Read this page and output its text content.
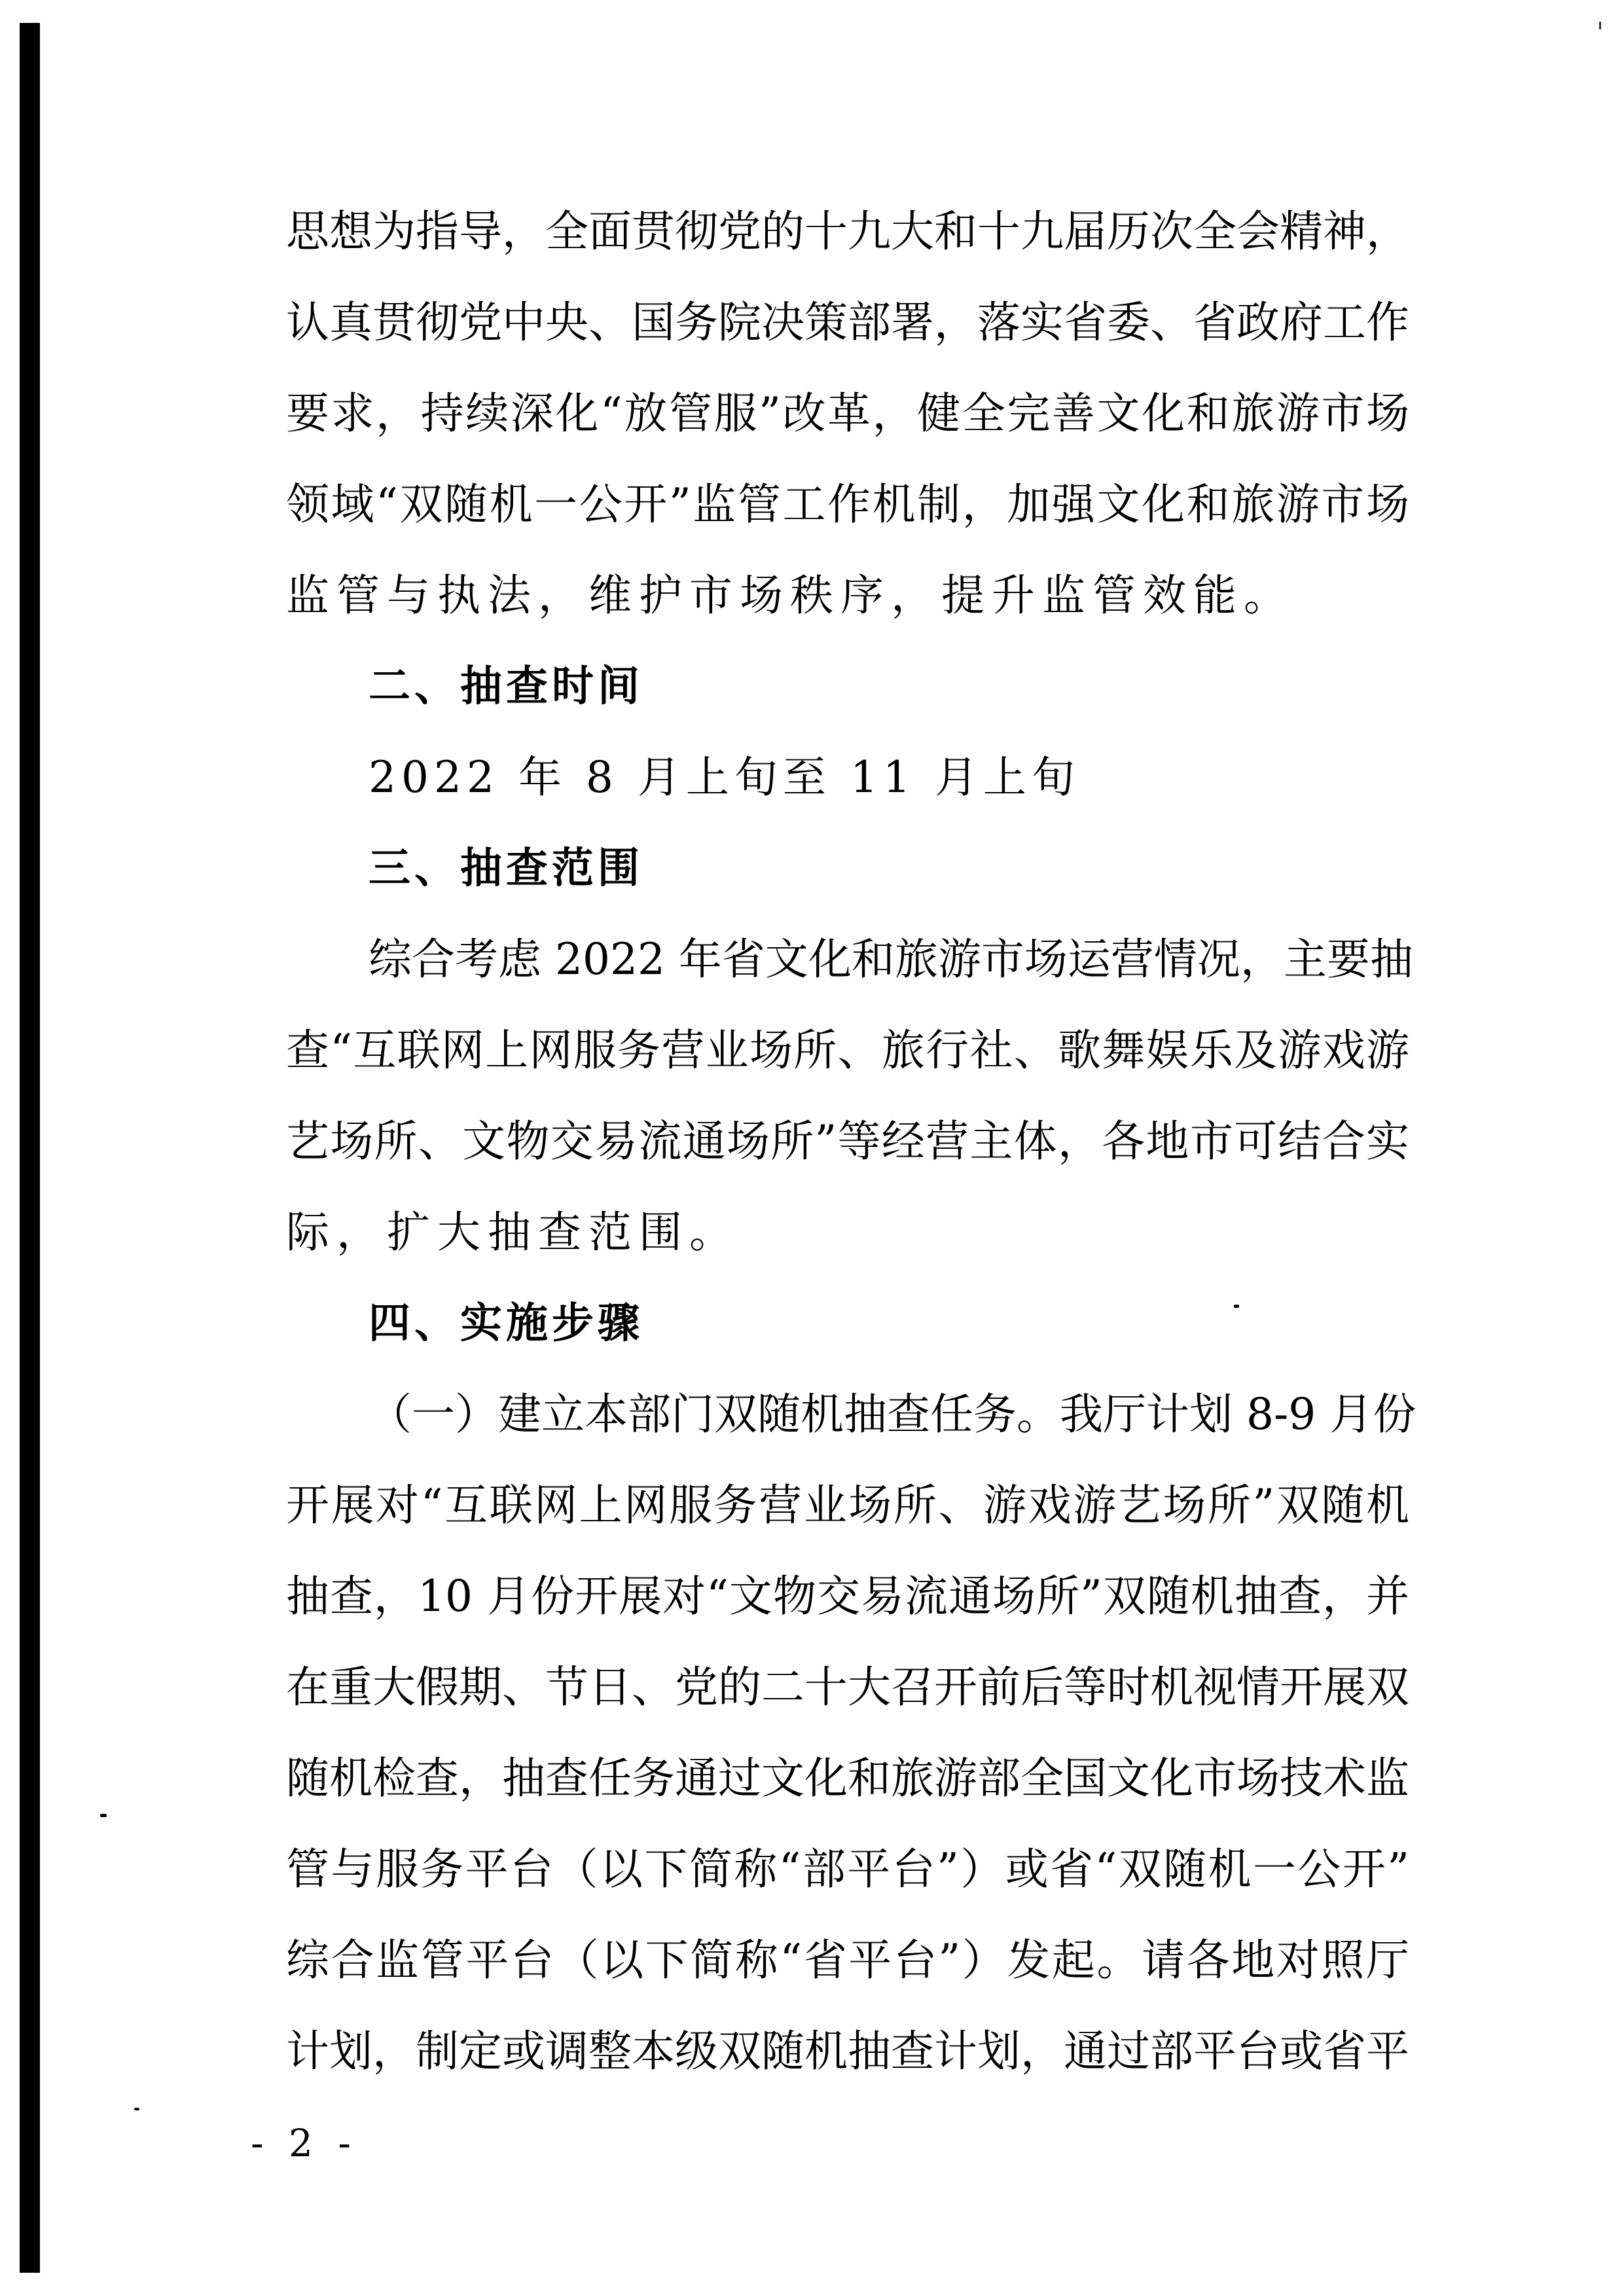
思想为指导，全面贯彻党的十九大和十九届历次全会精神，
认真贯彻党中央、国务院决策部署，落实省委、省政府工作
要求，持续深化“放管服”改革，健全完善文化和旅游市场
领域“双随机一公开”监管工作机制，加强文化和旅游市场
监管与执法，维护市场秩序，提升监管效能。
二、抽查时间
2022 年 8 月上旬至 11 月上旬
三、抽查范围
综合考虑 2022 年省文化和旅游市场运营情况，主要抽
查“互联网上网服务营业场所、旅行社、歌舞娱乐及游戏游
艺场所、文物交易流通场所”等经营主体，各地市可结合实
际，扩大抽查范围。
四、实施步骤
（一）建立本部门双随机抽查任务。我厅计划 8-9 月份
开展对“互联网上网服务营业场所、游戏游艺场所”双随机
抽查，10 月份开展对“文物交易流通场所”双随机抽查，并
在重大假期、节日、党的二十大召开前后等时机视情开展双
随机检查，抽查任务通过文化和旅游部全国文化市场技术监
管与服务平台（以下简称“部平台”）或省“双随机一公开”
综合监管平台（以下简称“省平台”）发起。请各地对照厅
计划，制定或调整本级双随机抽查计划，通过部平台或省平
- 2 -
